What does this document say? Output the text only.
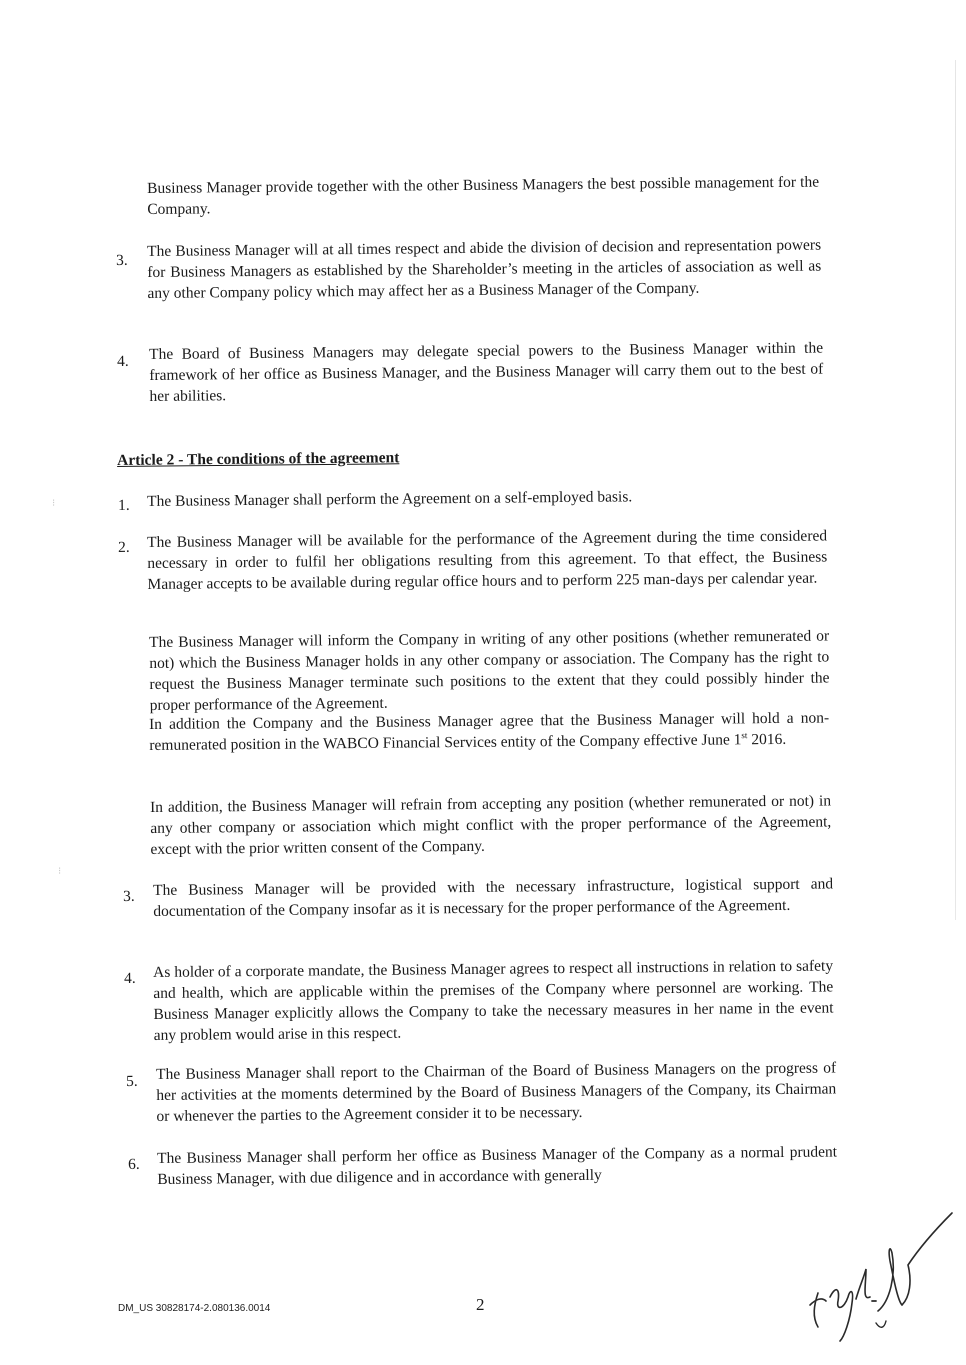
Business Manager provide together with the other Business Managers the best possible management for the Company.

3.

The Business Manager will at all times respect and abide the division of decision and representation powers for Business Managers as established by the Shareholder’s meeting in the articles of association as well as any other Company policy which may affect her as a Business Manager of the Company.

4. The Board of Business Managers may delegate special powers to the Business Manager within the framework of her office as Business Manager, and the Business Manager will carry them out to the best of her abilities.

Article 2 - The conditions of the agreement
1. The Business Manager shall perform the Agreement on a self-employed basis.

2. The Business Manager will be available for the performance of the Agreement during the time considered necessary in order to fulfil her obligations resulting from this agreement. To that effect, the Business Manager accepts to be available during regular office hours and to perform 225 man-days per calendar year.

The Business Manager will inform the Company in writing of any other positions (whether remunerated or not) which the Business Manager holds in any other company or association. The Company has the right to request the Business Manager terminate such positions to the extent that they could possibly hinder the proper performance of the Agreement.

In addition the Company and the Business Manager agree that the Business Manager will hold a non-remunerated position in the WABCO Financial Services entity of the Company effective June 1st 2016.

In addition, the Business Manager will refrain from accepting any position (whether remunerated or not) in any other company or association which might conflict with the proper performance of the Agreement, except with the prior written consent of the Company.

3. The Business Manager will be provided with the necessary infrastructure, logistical support and documentation of the Company insofar as it is necessary for the proper performance of the Agreement.

4. As holder of a corporate mandate, the Business Manager agrees to respect all instructions in relation to safety and health, which are applicable within the premises of the Company where personnel are working. The Business Manager explicitly allows the Company to take the necessary measures in her name in the event any problem would arise in this respect.

5. The Business Manager shall report to the Chairman of the Board of Business Managers on the progress of her activities at the moments determined by the Board of Business Managers of the Company, its Chairman or whenever the parties to the Agreement consider it to be necessary.

6. The Business Manager shall perform her office as Business Manager of the Company as a normal prudent Business Manager, with due diligence and in accordance with generally

DM_US 30828174-2.080136.0014	2
⁝
⁝
